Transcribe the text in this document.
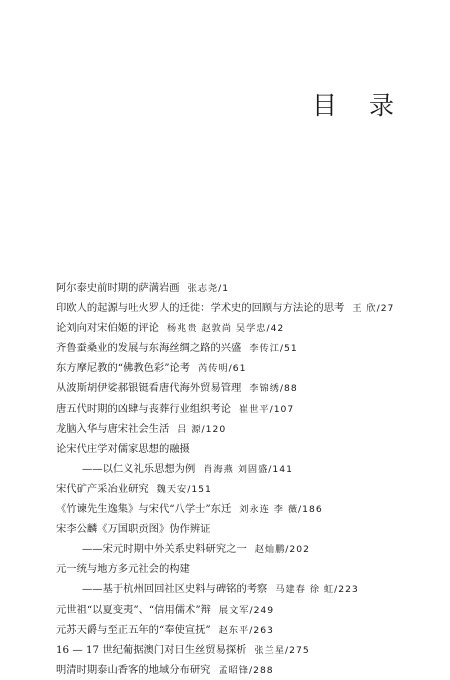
目 录
阿尔泰史前时期的萨满岩画 张志尧/1
印欧人的起源与吐火罗人的迁徙：学术史的回顾与方法论的思考 王 欣/27
论刘向对宋伯姬的评论 杨兆贵 赵敦尚 吴学忠/42
齐鲁蚕桑业的发展与东海丝绸之路的兴盛 李传江/51
东方摩尼教的“佛教色彩”论考 芮传明/61
从波斯胡伊娑郝银铤看唐代海外贸易管理 李锦绣/88
唐五代时期的凶肆与丧葬行业组织考论 崔世平/107
龙脑入华与唐宋社会生活 吕 源/120
论宋代庄学对儒家思想的融摄
——以仁义礼乐思想为例 肖海燕 刘固盛/141
宋代矿产采冶业研究 魏天安/151
《竹谏先生逸集》与宋代“八学士”东迁 刘永连 李 薇/186
宋李公麟《万国职贡图》伪作辨证
——宋元时期中外关系史料研究之一 赵灿鹏/202
元一统与地方多元社会的构建
——基于杭州回回社区史料与碑铭的考察 马建春 徐 虹/223
元世祖“以夏变夷”、“信用儒术”辩 展文军/249
元苏天爵与至正五年的“奉使宣抚” 赵东平/263
16 — 17 世纪葡据澳门对日生丝贸易探析 张兰星/275
明清时期泰山香客的地域分布研究 孟昭锋/288
